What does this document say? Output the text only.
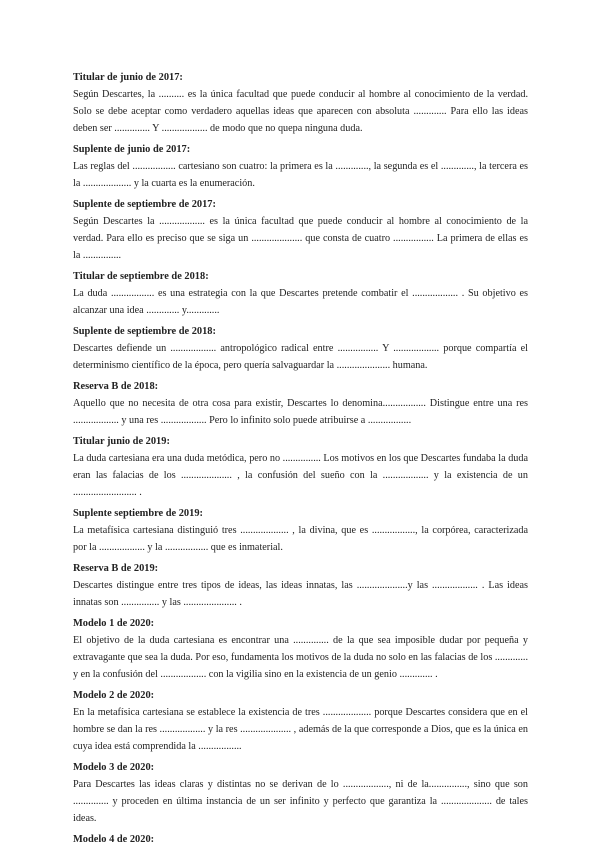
Titular de junio de 2017:

Según Descartes, la .......... es la única facultad que puede conducir al hombre al conocimiento de la verdad. Solo se debe aceptar como verdadero aquellas ideas que aparecen con absoluta ............. Para ello las ideas deben ser .............. Y .................. de modo que no quepa ninguna duda.

Suplente de junio de 2017:

Las reglas del ................. cartesiano son cuatro: la primera es la ............., la segunda es el ............., la tercera es la ................... y la cuarta es la enumeración.

Suplente de septiembre de 2017:

Según Descartes la .................. es la única facultad que puede conducir al hombre al conocimiento de la verdad. Para ello es preciso que se siga un .................... que consta de cuatro ................ La primera de ellas es la ...............

Titular de septiembre de 2018:

La duda ................. es una estrategia con la que Descartes pretende combatir el .................. . Su objetivo es alcanzar una idea ............. y.............

Suplente de septiembre de 2018:

Descartes defiende un .................. antropológico radical entre ................ Y .................. porque compartía el determinismo científico de la época, pero quería salvaguardar la ..................... humana.

Reserva B de 2018:

Aquello que no necesita de otra cosa para existir, Descartes lo denomina................. Distingue entre una res .................. y una res .................. Pero lo infinito solo puede atribuirse a .................

Titular junio de 2019:

La duda cartesiana era una duda metódica, pero no ............... Los motivos en los que Descartes fundaba la duda eran las falacias de los .................... , la confusión del sueño con la .................. y la existencia de un ......................... .

Suplente septiembre de 2019:

La metafísica cartesiana distinguió tres ................... , la divina, que es ................., la corpórea, caracterizada por la .................. y la ................. que es inmaterial.

Reserva B de 2019:

Descartes distingue entre tres tipos de ideas, las ideas innatas, las ....................y las .................. . Las ideas innatas son ............... y las ..................... .

Modelo 1 de 2020:

El objetivo de la duda cartesiana es encontrar una .............. de la que sea imposible dudar por pequeña y extravagante que sea la duda. Por eso, fundamenta los motivos de la duda no solo en las falacias de los ............. y en la confusión del .................. con la vigilia sino en la existencia de un genio ............. .

Modelo 2 de 2020:

En la metafísica cartesiana se establece la existencia de tres ................... porque Descartes considera que en el hombre se dan la res .................. y la res .................... , además de la que corresponde a Dios, que es la única en cuya idea está comprendida la .................

Modelo 3 de 2020:

Para Descartes las ideas claras y distintas no se derivan de lo .................., ni de la..............., sino que son .............. y proceden en última instancia de un ser infinito y perfecto que garantiza la .................... de tales ideas.

Modelo 4 de 2020:
